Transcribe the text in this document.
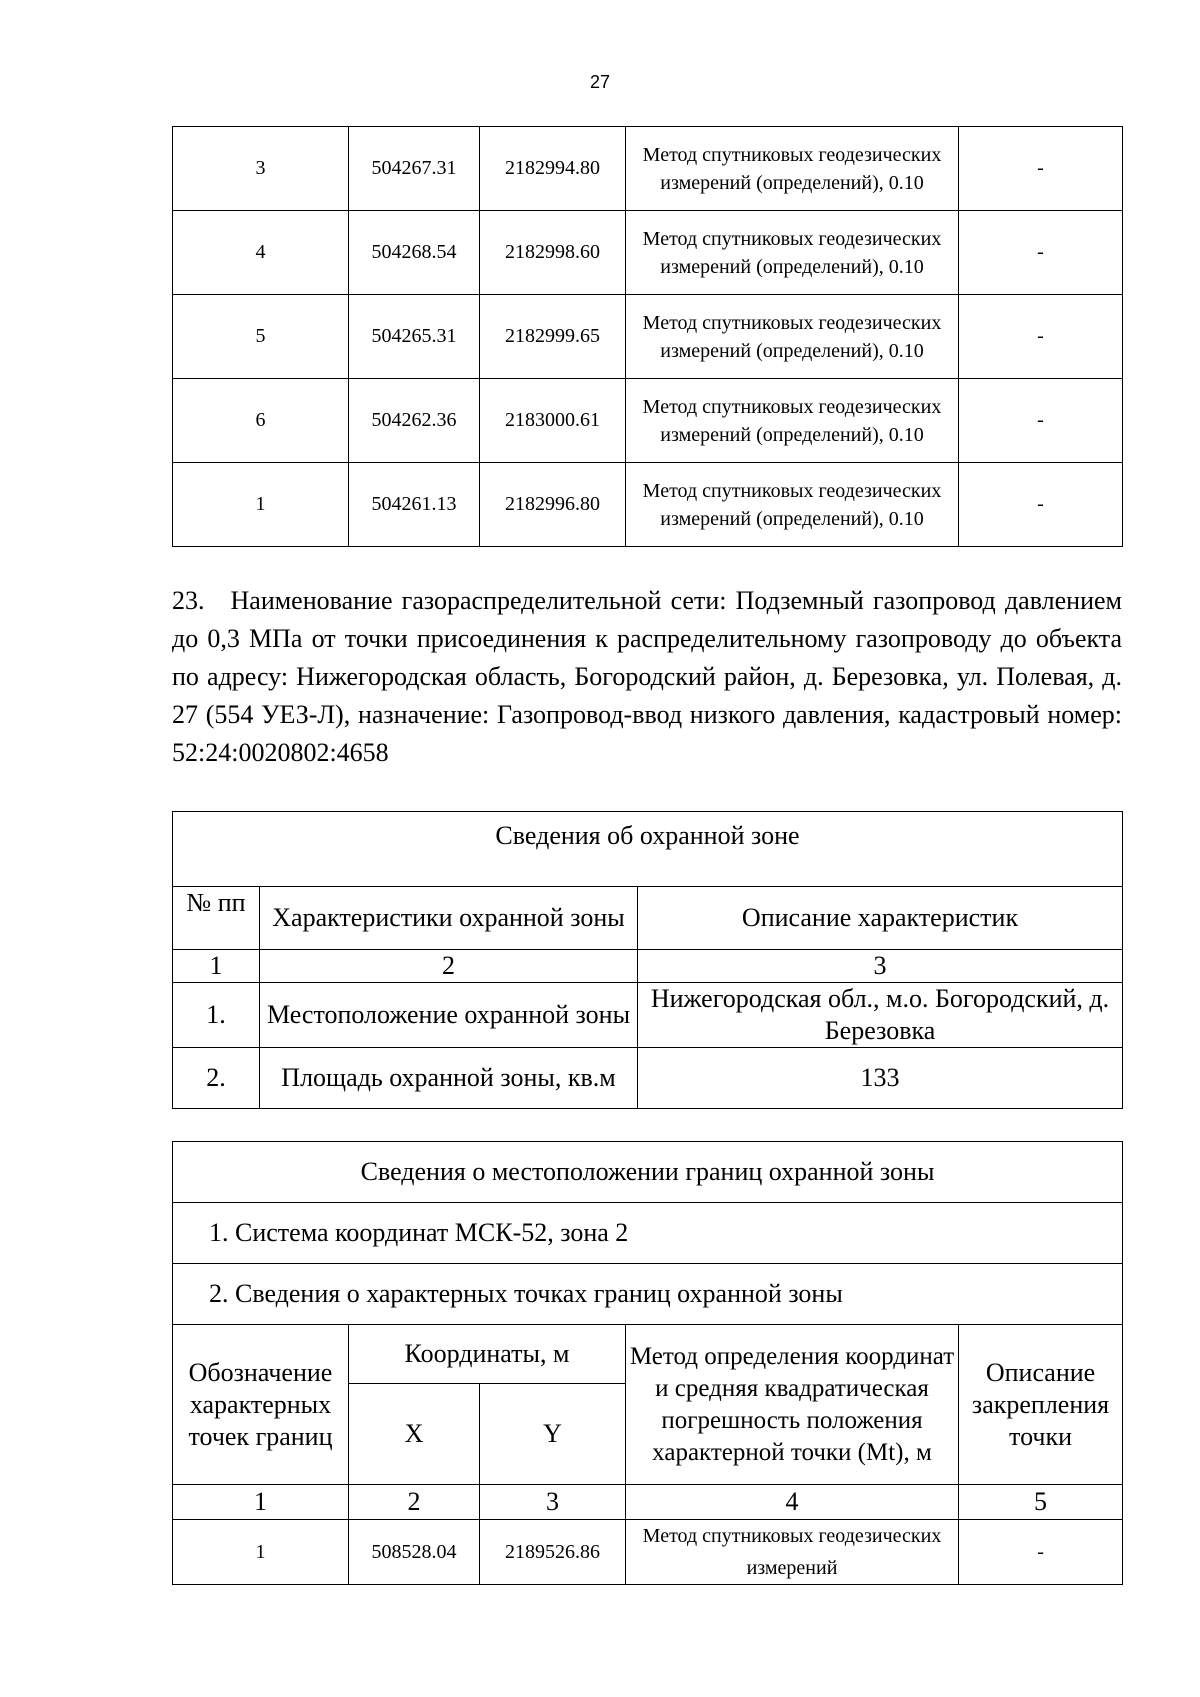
27
3	504267.31	2182994.80	Метод спутниковых геодезических измерений (определений), 0.10	-
4	504268.54	2182998.60	Метод спутниковых геодезических измерений (определений), 0.10	-
5	504265.31	2182999.65	Метод спутниковых геодезических измерений (определений), 0.10	-
6	504262.36	2183000.61	Метод спутниковых геодезических измерений (определений), 0.10	-
1	504261.13	2182996.80	Метод спутниковых геодезических измерений (определений), 0.10	-
23. Наименование газораспределительной сети: Подземный газопровод давлением до 0,3 МПа от точки присоединения к распределительному газопроводу до объекта по адресу: Нижегородская область, Богородский район, д. Березовка, ул. Полевая, д. 27 (554 УЕЗ-Л), назначение: Газопровод-ввод низкого давления, кадастровый номер: 52:24:0020802:4658
Сведения об охранной зоне		
№ пп	Характеристики охранной зоны	Описание характеристик
1	2	3
1.	Местоположение охранной зоны	Нижегородская обл., м.о. Богородский, д. Березовка
2.	Площадь охранной зоны, кв.м	133
Сведения о местоположении границ охранной зоны				
1. Система координат МСК-52, зона 2				
2. Сведения о характерных точках границ охранной зоны				
Обозначение характерных точек границ	Координаты, м		Метод определения координат и средняя квадратическая погрешность положения характерной точки (Mt), м	Описание закрепления точки
	X	Y		
1	2	3	4	5
1	508528.04	2189526.86	Метод спутниковых геодезических измерений	-
